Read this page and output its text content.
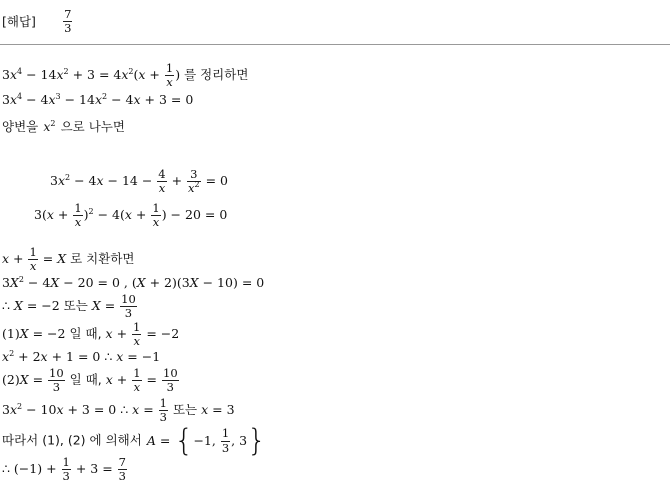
[해답] $\frac{7}{3}$
$3x^4 - 14x^2 + 3 = 4x^2(x + \frac{1}{x}$ ) 를 정리하면
$3x^4 - 4x^3 - 14x^2 - 4x + 3 = 0$
양변을 $x^2$ 으로 나누면
$3x^2 - 4x - 14 - \frac{4}{x} + \frac{3}{x^2} = 0$
$3(x + \frac{1}{x} )^2 - 4(x + \frac{1}{x}$ ) − 20 = 0
$x + \frac{1}{x} = X$ 로 치환하면
$3X^2 - 4X - 20 = 0$ , (X + 2)(3X − 10) = 0
∴ X = −2 또는 $X = \frac{10}{3}$
(1)X = −2 일 때, $x + \frac{1}{x} = -2$
$x^2 + 2x + 1 = 0$ ∴ x = −1
$(2)X = \frac{10}{3}$ 일 때, $x + \frac{1}{x} = \frac{10}{3}$
$3x^2 - 10x + 3 = 0$ ∴ $x = \frac{1}{3}$ 또는 x = 3
따라서 (1), (2) 에 의해서 A = {−1, $\frac{1}{3}$ , 3}
∴ $(-1) + \frac{1}{3} + 3 = \frac{7}{3}$
